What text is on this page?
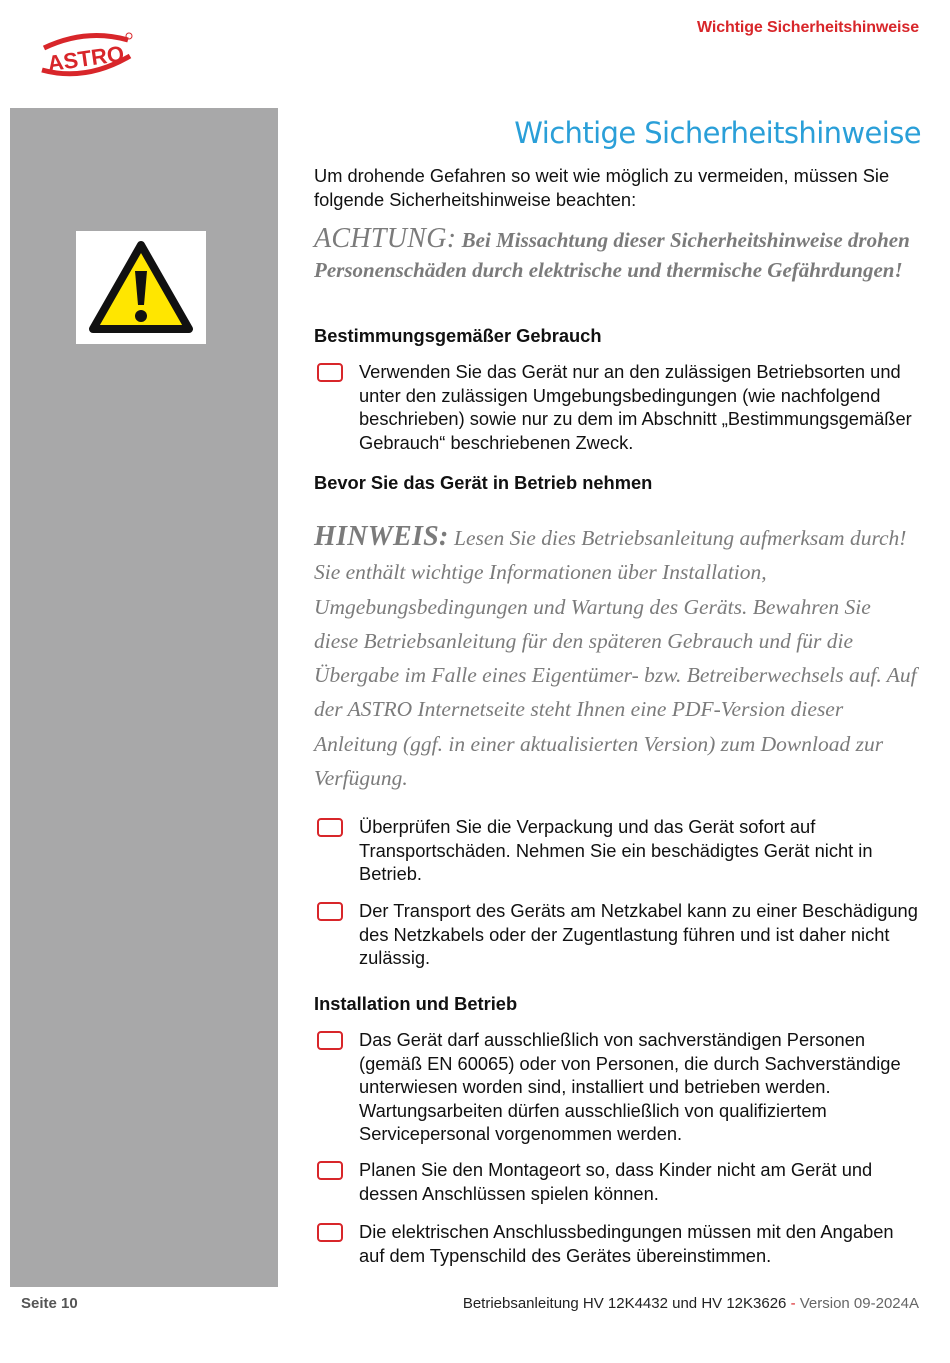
ASTRO
Wichtige Sicherheitshinweise
Wichtige Sicherheitshinweise
Um drohende Gefahren so weit wie möglich zu vermeiden, müssen Sie folgende Sicherheitshinweise beachten:
ACHTUNG: Bei Missachtung dieser Sicherheitshinweise drohen Personenschäden durch elektrische und thermische Gefährdungen!
Bestimmungsgemäßer Gebrauch
Verwenden Sie das Gerät nur an den zulässigen Betriebsorten und unter den zulässigen Umgebungsbedingungen (wie nachfolgend beschrieben) sowie nur zu dem im Abschnitt „Bestimmungsgemäßer Gebrauch“ beschriebenen Zweck.
Bevor Sie das Gerät in Betrieb nehmen
HINWEIS: Lesen Sie dies Betriebsanleitung aufmerksam durch! Sie enthält wichtige Informationen über Installation, Umgebungsbedingungen und Wartung des Geräts. Bewahren Sie diese Betriebsanleitung für den späteren Gebrauch und für die Übergabe im Falle eines Eigentümer- bzw. Betreiberwechsels auf. Auf der ASTRO Internetseite steht Ihnen eine PDF-Version dieser Anleitung (ggf. in einer aktualisierten Version) zum Download zur Verfügung.
Überprüfen Sie die Verpackung und das Gerät sofort auf Transportschäden. Nehmen Sie ein beschädigtes Gerät nicht in Betrieb.
Der Transport des Geräts am Netzkabel kann zu einer Beschädigung des Netzkabels oder der Zugentlastung führen und ist daher nicht zulässig.
Installation und Betrieb
Das Gerät darf ausschließlich von sachverständigen Personen (gemäß EN 60065) oder von Personen, die durch Sachverständige unterwiesen worden sind, installiert und betrieben werden. Wartungsarbeiten dürfen ausschließlich von qualifiziertem Servicepersonal vorgenommen werden.
Planen Sie den Montageort so, dass Kinder nicht am Gerät und dessen Anschlüssen spielen können.
Die elektrischen Anschlussbedingungen müssen mit den Angaben auf dem Typenschild des Gerätes übereinstimmen.
Seite 10	Betriebsanleitung HV 12K4432 und HV 12K3626 - Version 09-2024A
